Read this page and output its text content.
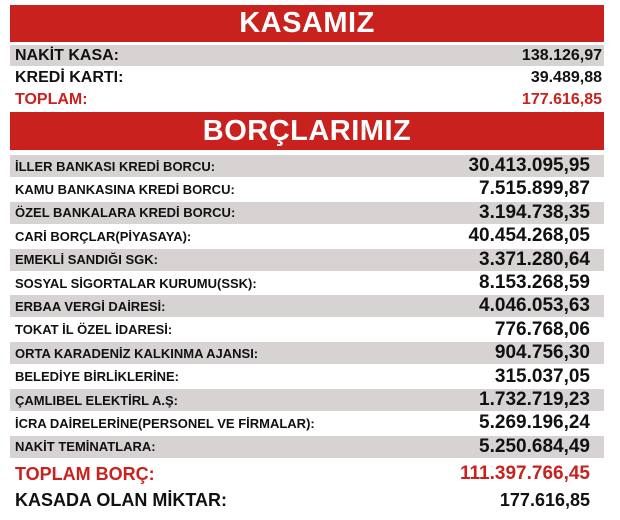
KASAMIZ
NAKİT KASA:	138.126,97
KREDİ KARTI:	39.489,88
TOPLAM:	177.616,85
BORÇLARIMIZ
İLLER BANKASI KREDİ BORCU:	30.413.095,95
KAMU BANKASINA KREDİ BORCU:	7.515.899,87
ÖZEL BANKALARA KREDİ BORCU:	3.194.738,35
CARİ BORÇLAR(PİYASAYA):	40.454.268,05
EMEKLİ SANDIĞI SGK:	3.371.280,64
SOSYAL SİGORTALAR KURUMU(SSK):	8.153.268,59
ERBAA VERGİ DAİRESİ:	4.046.053,63
TOKAT İL ÖZEL İDARESİ:	776.768,06
ORTA KARADENİZ KALKINMA AJANSI:	904.756,30
BELEDİYE BİRLİKLERİNE:	315.037,05
ÇAMLIBEL ELEKTİRL A.Ş:	1.732.719,23
İCRA DAİRELERİNE(PERSONEL VE FİRMALAR):	5.269.196,24
NAKİT TEMİNATLARA:	5.250.684,49
TOPLAM BORÇ:	111.397.766,45
KASADA OLAN MİKTAR:	177.616,85
